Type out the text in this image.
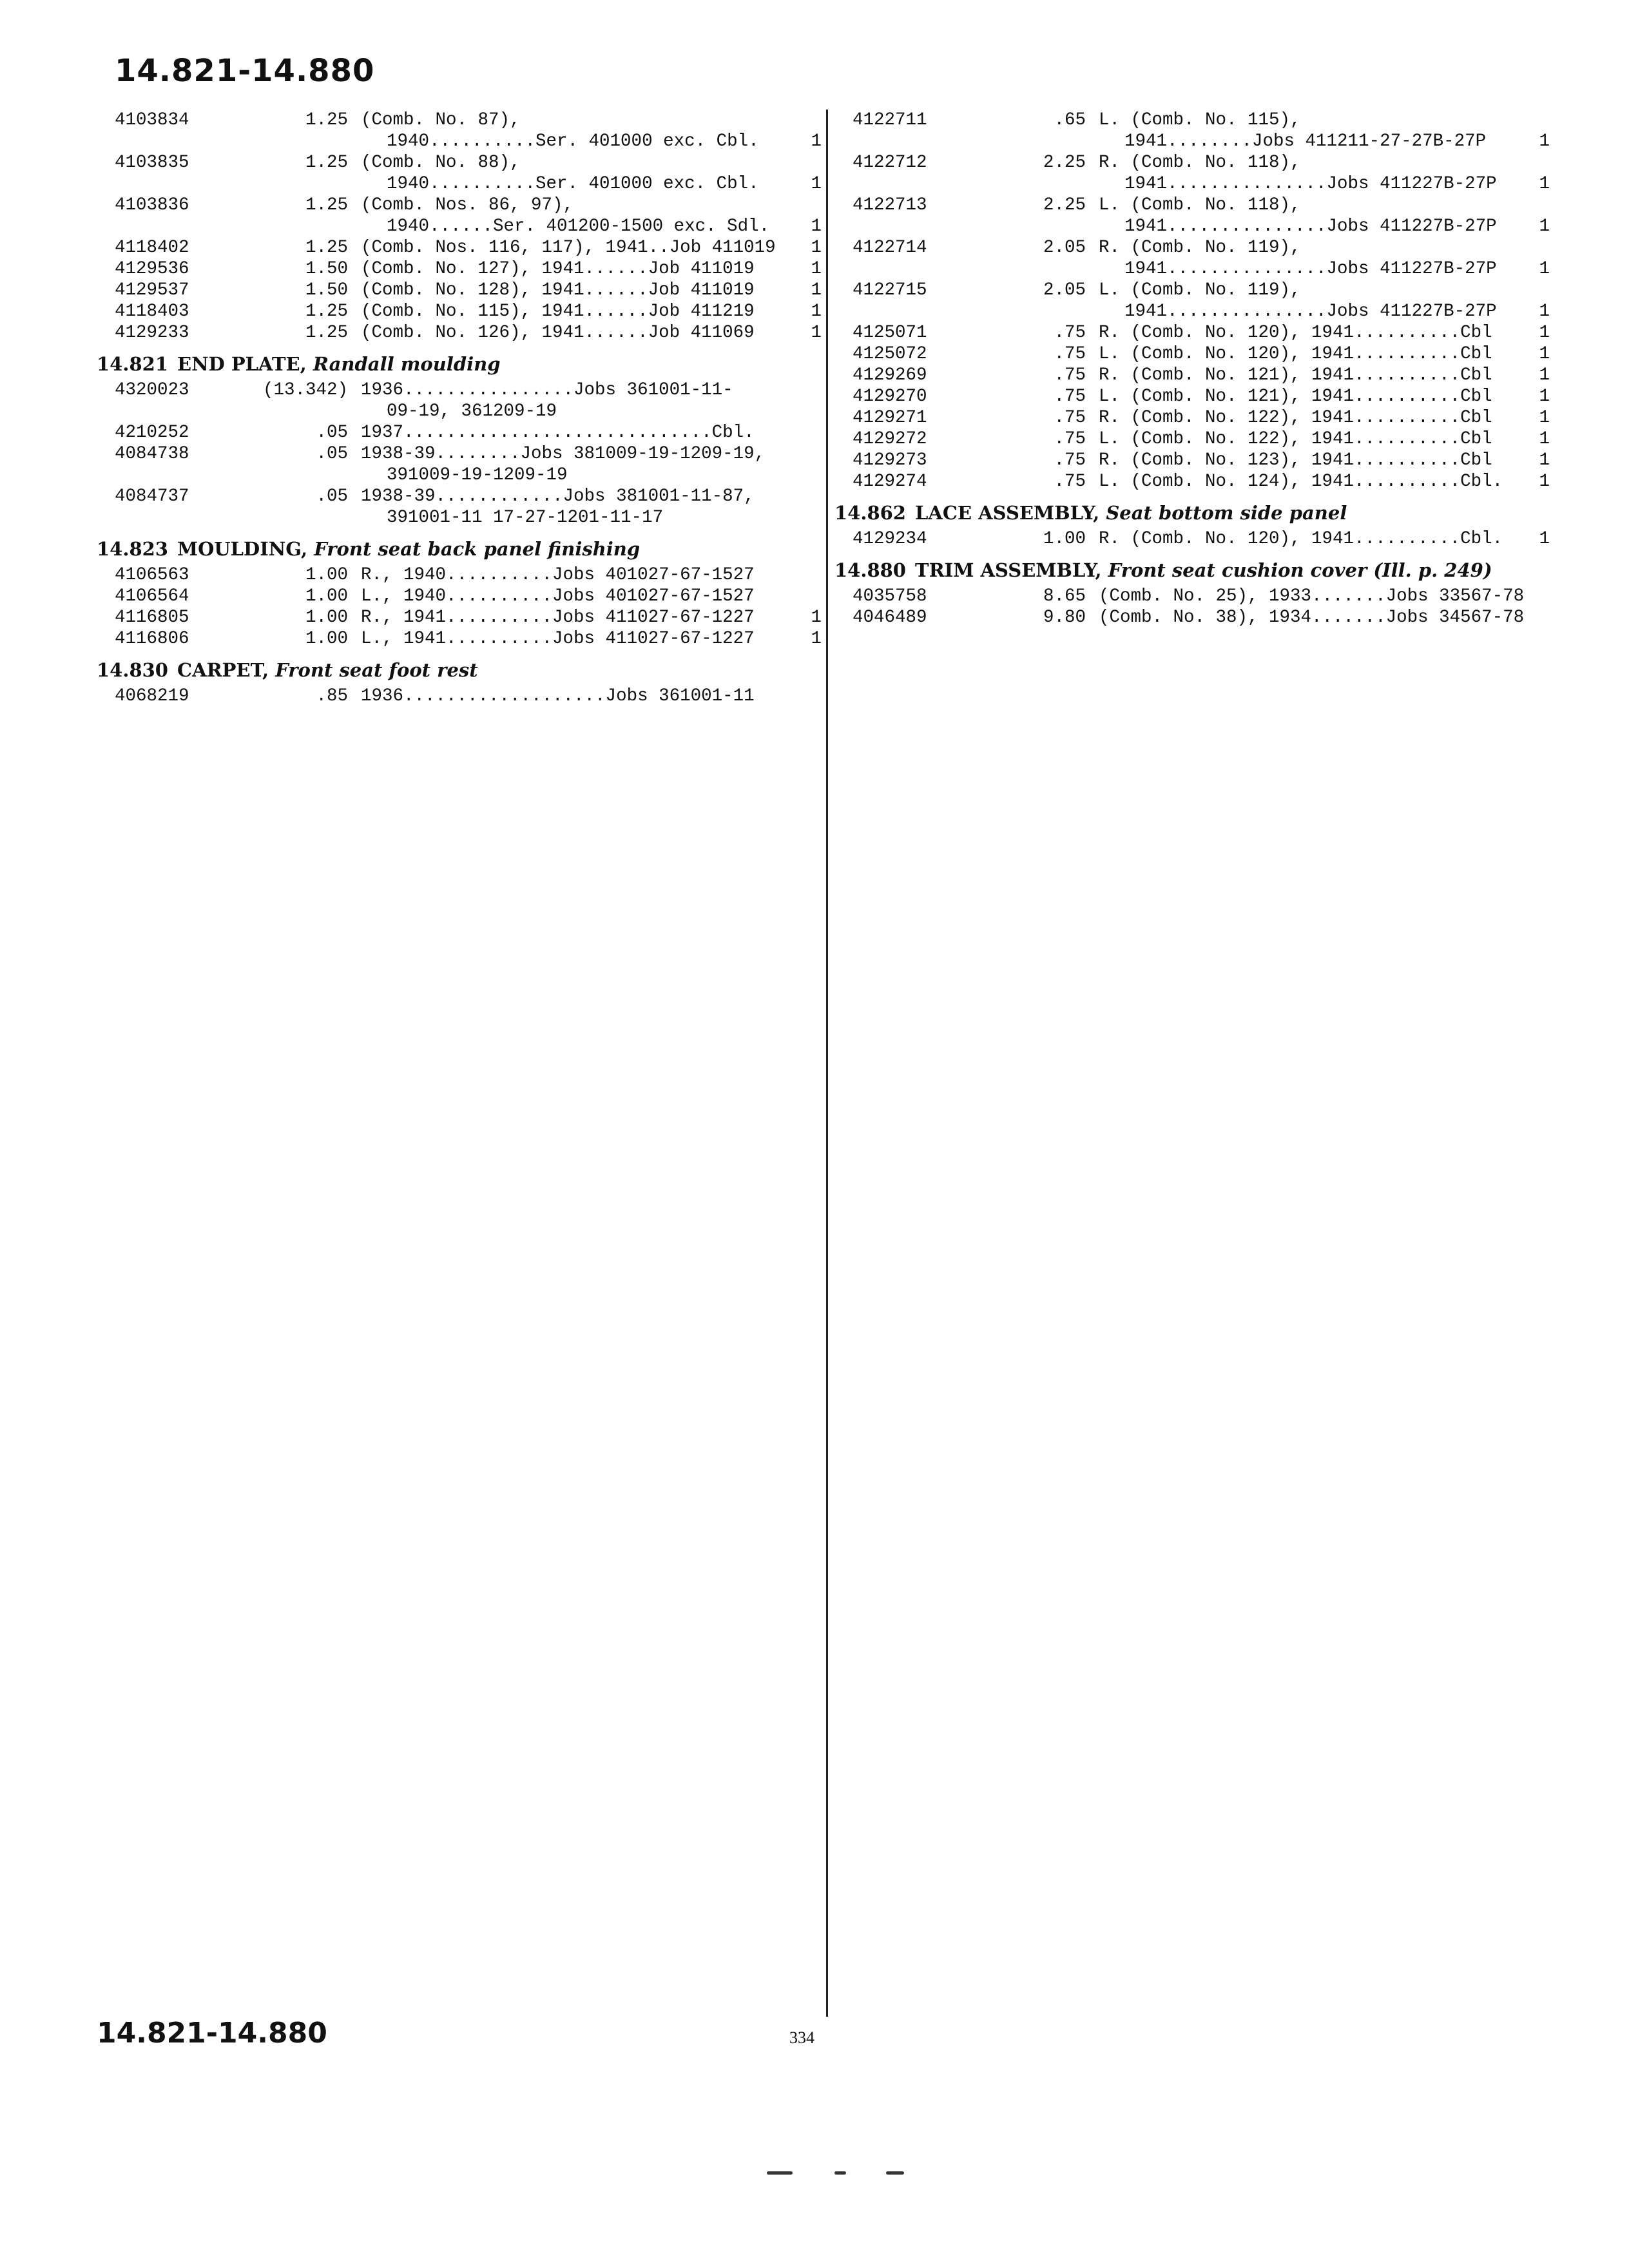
14.821-14.880
4103834	1.25 (Comb. No. 87),
1940..........Ser. 401000 exc. Cbl.	1
4103835	1.25 (Comb. No. 88),
1940..........Ser. 401000 exc. Cbl.	1
4103836	1.25 (Comb. Nos. 86, 97),
1940......Ser. 401200-1500 exc. Sdl. 1
4118402	1.25 (Comb. Nos. 116, 117), 1941..Job 411019 1
4129536	1.50 (Comb. No. 127), 1941......Job 411019	1
4129537	1.50 (Comb. No. 128), 1941......Job 411019	1
4118403	1.25 (Comb. No. 115), 1941......Job 411219	1
4129233	1.25 (Comb. No. 126), 1941......Job 411069	1
14.821 END PLATE, Randall moulding
4320023	(13.342) 1936................Jobs 361001-11-
09-19, 361209-19
4210252	.05 1937.............................Cbl.
4084738	.05 1938-39........Jobs 381009-19-1209-19,
391009-19-1209-19
4084737	.05 1938-39............Jobs 381001-11-87,
391001-11 17-27-1201-11-17
14.823 MOULDING, Front seat back panel finishing
4106563	1.00 R., 1940..........Jobs 401027-67-1527
4106564	1.00 L., 1940..........Jobs 401027-67-1527
4116805	1.00 R., 1941..........Jobs 411027-67-1227	1
4116806	1.00 L., 1941..........Jobs 411027-67-1227	1
14.830 CARPET, Front seat foot rest
4068219	.85 1936...................Jobs 361001-11
4122711	.65 L. (Comb. No. 115),
1941........Jobs 411211-27-27B-27P	1
4122712	2.25 R. (Comb. No. 118),
1941...............Jobs 411227B-27P 1
4122713	2.25 L. (Comb. No. 118),
1941...............Jobs 411227B-27P 1
4122714	2.05 R. (Comb. No. 119),
1941...............Jobs 411227B-27P 1
4122715	2.05 L. (Comb. No. 119),
1941...............Jobs 411227B-27P 1
4125071	.75 R. (Comb. No. 120), 1941..........Cbl	1
4125072	.75 L. (Comb. No. 120), 1941..........Cbl	1
4129269	.75 R. (Comb. No. 121), 1941..........Cbl	1
4129270	.75 L. (Comb. No. 121), 1941..........Cbl	1
4129271	.75 R. (Comb. No. 122), 1941..........Cbl	1
4129272	.75 L. (Comb. No. 122), 1941..........Cbl	1
4129273	.75 R. (Comb. No. 123), 1941..........Cbl	1
4129274	.75 L. (Comb. No. 124), 1941..........Cbl. 1
14.862 LACE ASSEMBLY, Seat bottom side panel
4129234	1.00 R. (Comb. No. 120), 1941..........Cbl. 1
14.880 TRIM ASSEMBLY, Front seat cushion cover (Ill. p. 249)
4035758	8.65 (Comb. No. 25), 1933.......Jobs 33567-78
4046489	9.80 (Comb. No. 38), 1934.......Jobs 34567-78
14.821-14.880	334
